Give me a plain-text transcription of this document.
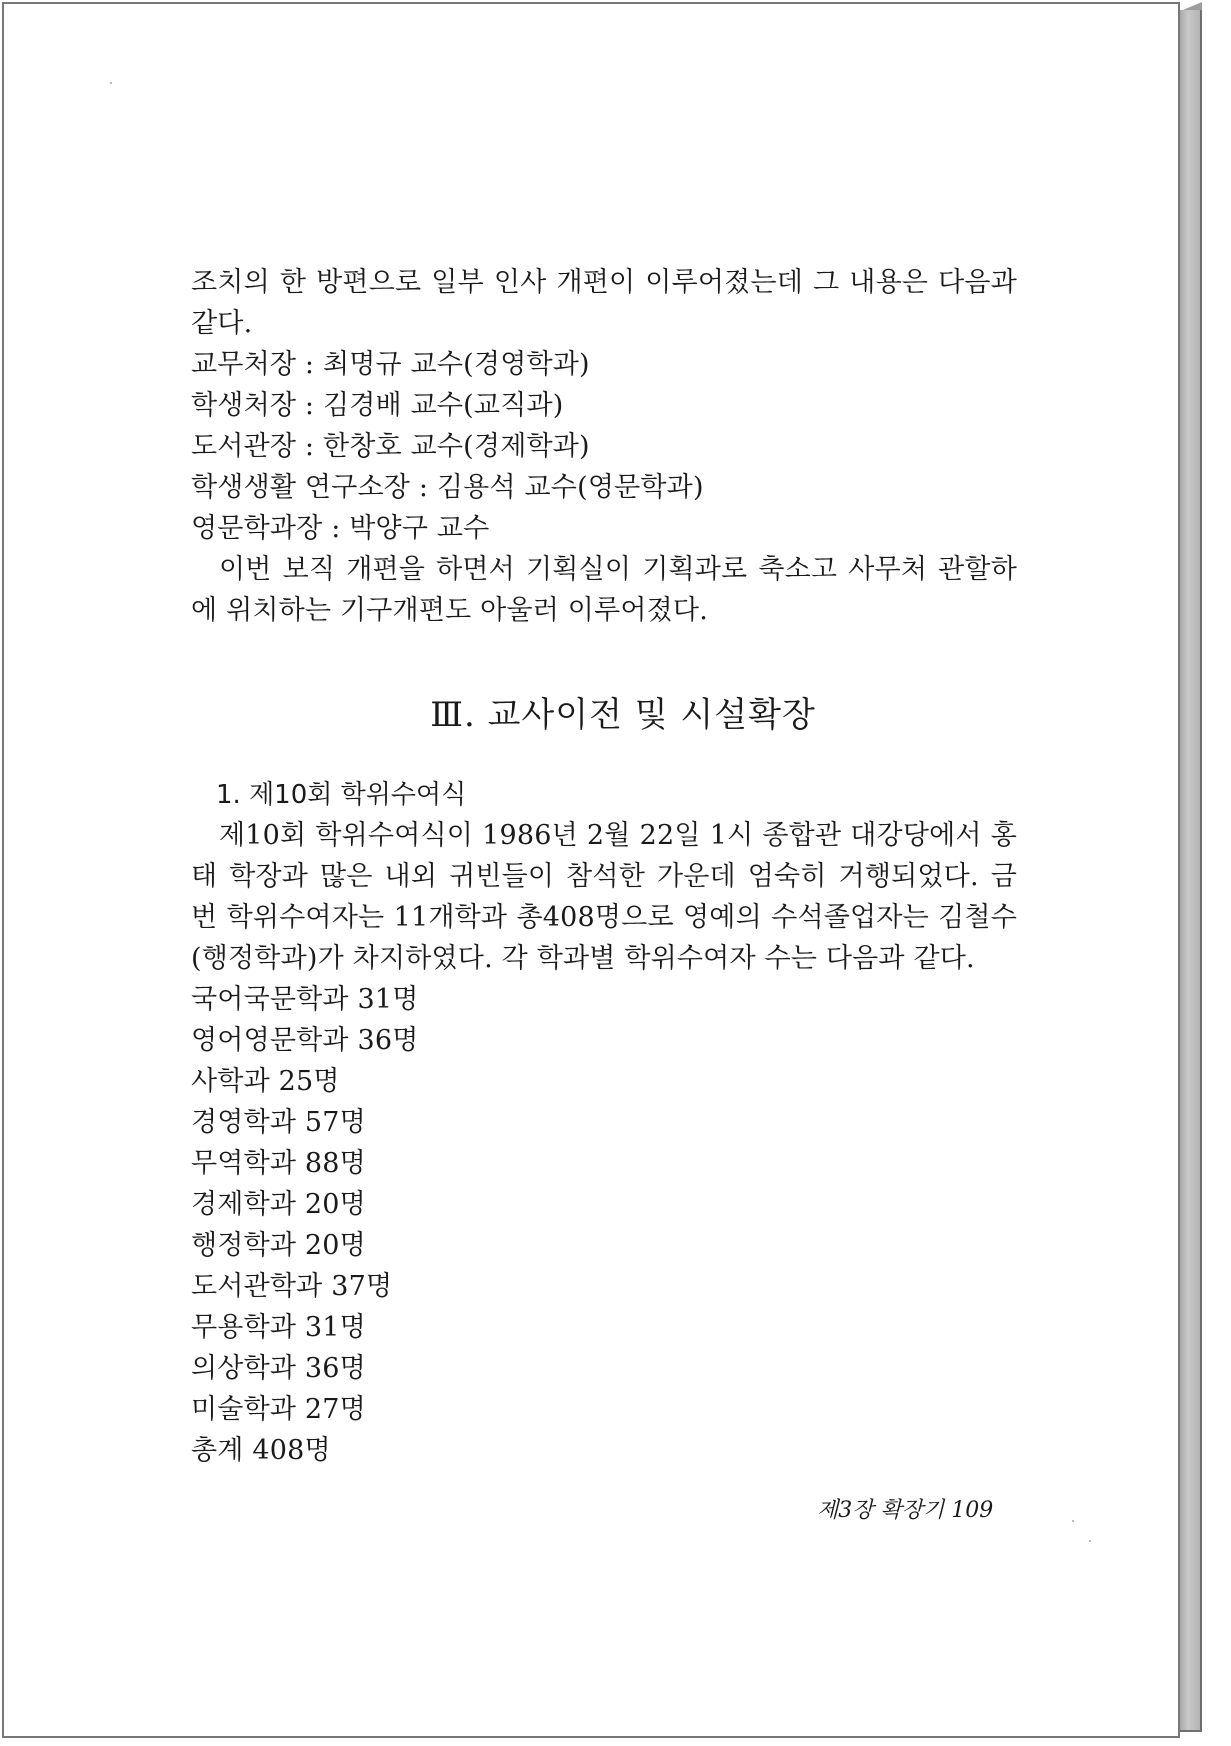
조치의 한 방편으로 일부 인사 개편이 이루어졌는데 그 내용은 다음과
같다.
교무처장 : 최명규 교수(경영학과)
학생처장 : 김경배 교수(교직과)
도서관장 : 한창호 교수(경제학과)
학생생활 연구소장 : 김용석 교수(영문학과)
영문학과장 : 박양구 교수
이번 보직 개편을 하면서 기획실이 기획과로 축소고 사무처 관할하
에 위치하는 기구개편도 아울러 이루어졌다.
Ⅲ. 교사이전 및 시설확장
1. 제10회 학위수여식
제10회 학위수여식이 1986년 2월 22일 1시 종합관 대강당에서 홍
태 학장과 많은 내외 귀빈들이 참석한 가운데 엄숙히 거행되었다. 금
번 학위수여자는 11개학과 총408명으로 영예의 수석졸업자는 김철수
(행정학과)가 차지하였다. 각 학과별 학위수여자 수는 다음과 같다.
국어국문학과 31명
영어영문학과 36명
사학과 25명
경영학과 57명
무역학과 88명
경제학과 20명
행정학과 20명
도서관학과 37명
무용학과 31명
의상학과 36명
미술학과 27명
총계 408명
제3장 확장기 109
